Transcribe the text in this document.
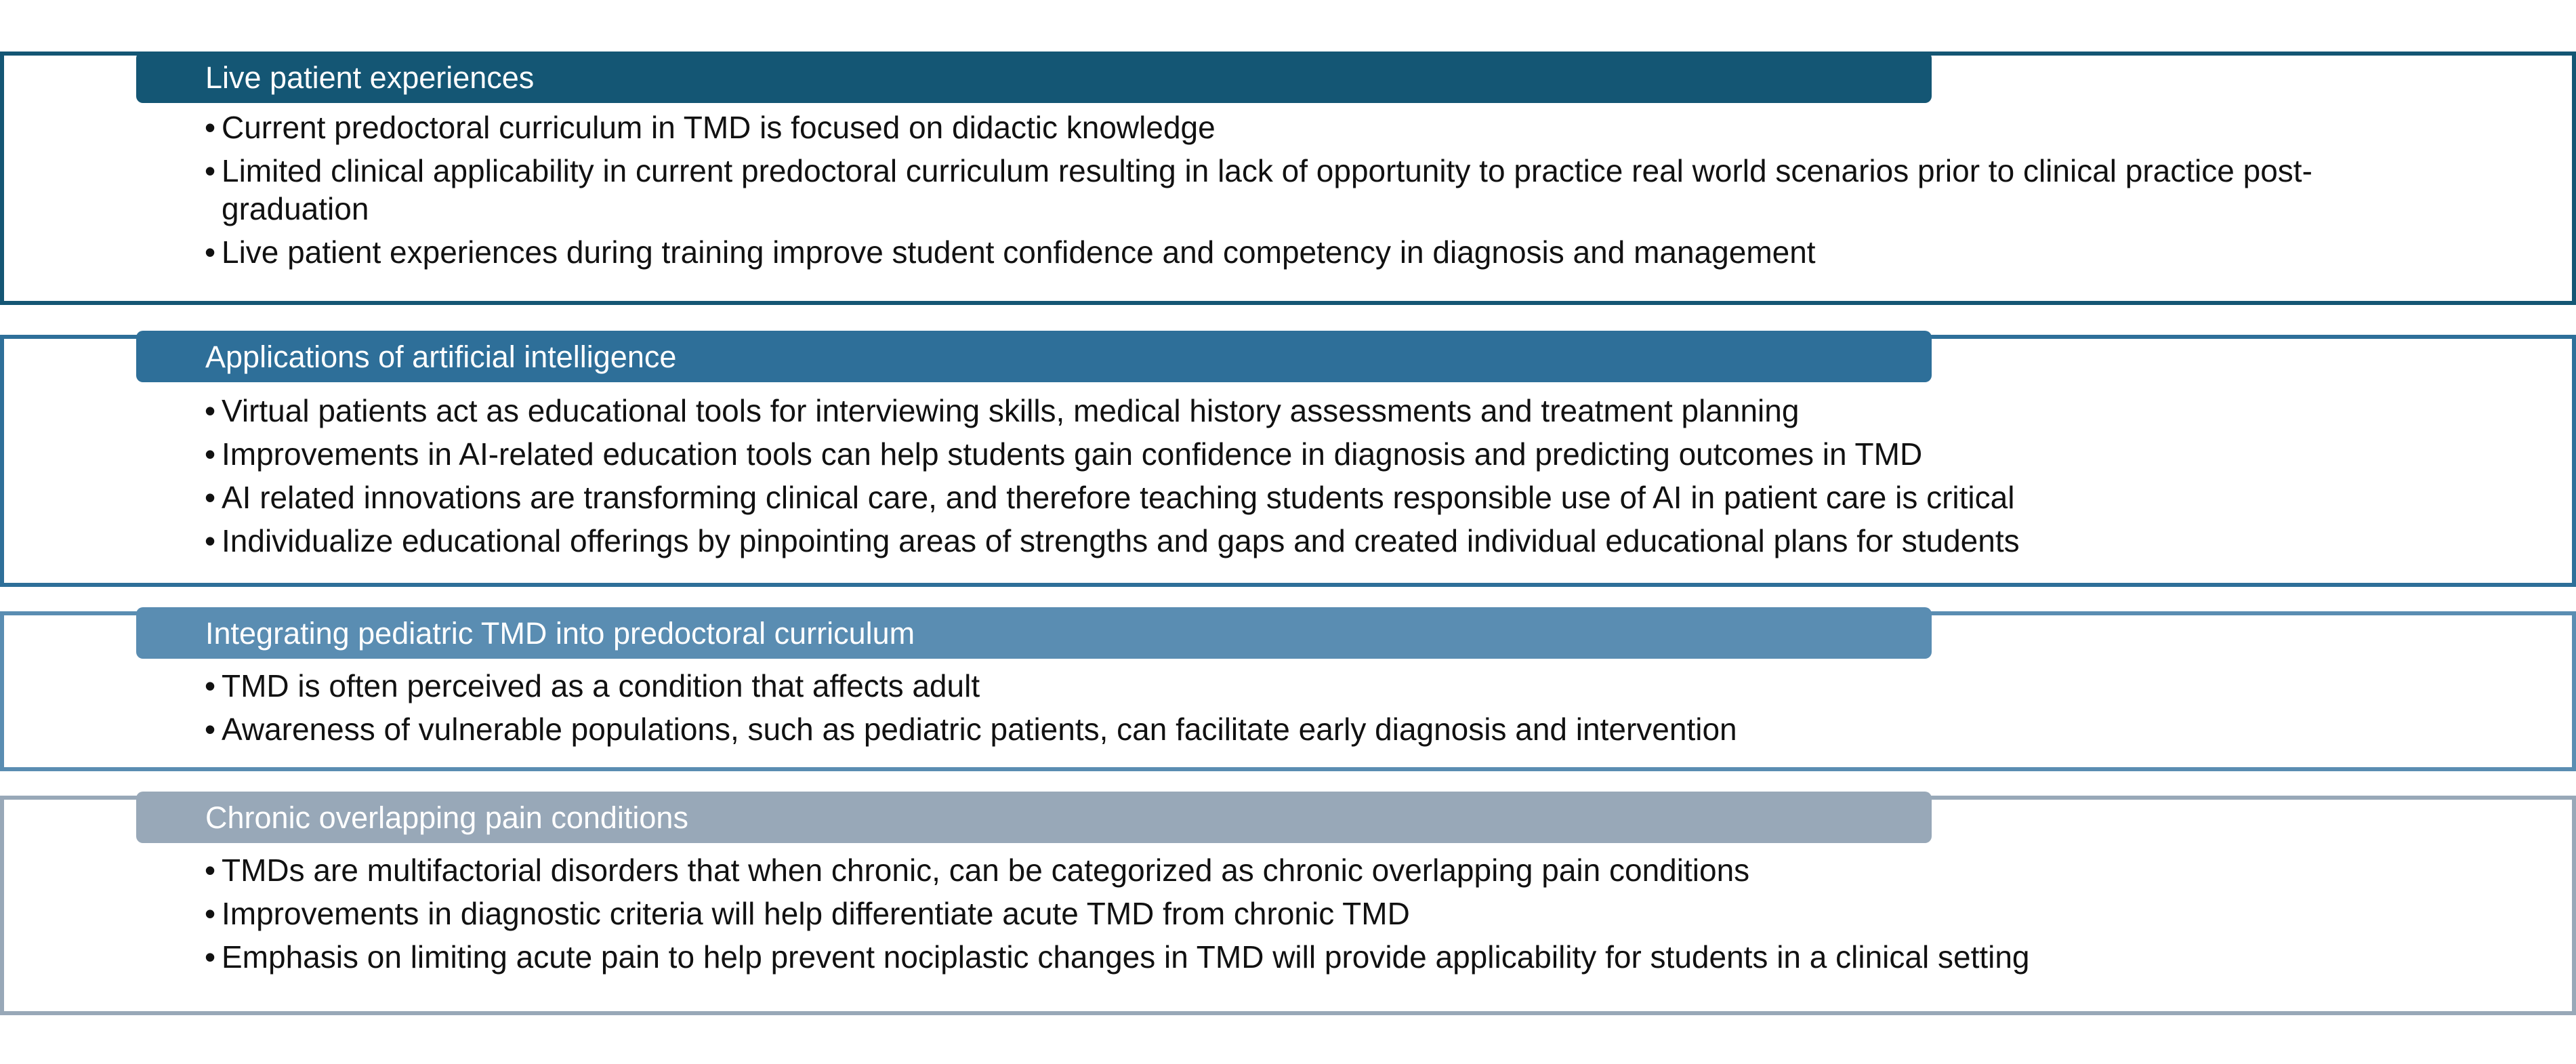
Live patient experiences
• Current predoctoral curriculum in TMD is focused on didactic knowledge
• Limited clinical applicability in current predoctoral curriculum resulting in lack of opportunity to practice real world scenarios prior to clinical practice post-graduation
• Live patient experiences during training improve student confidence and competency in diagnosis and management
Applications of artificial intelligence
• Virtual patients act as educational tools for interviewing skills, medical history assessments and treatment planning
• Improvements in AI-related education tools can help students gain confidence in diagnosis and predicting outcomes in TMD
• AI related innovations are transforming clinical care, and therefore teaching students responsible use of AI in patient care is critical
• Individualize educational offerings by pinpointing areas of strengths and gaps and created individual educational plans for students
Integrating pediatric TMD into predoctoral curriculum
• TMD is often perceived as a condition that affects adult
• Awareness of vulnerable populations, such as pediatric patients, can facilitate early diagnosis and intervention
Chronic overlapping pain conditions
• TMDs are multifactorial disorders that when chronic, can be categorized as chronic overlapping pain conditions
• Improvements in diagnostic criteria will help differentiate acute TMD from chronic TMD
• Emphasis on limiting acute pain to help prevent nociplastic changes in TMD will provide applicability for students in a clinical setting
